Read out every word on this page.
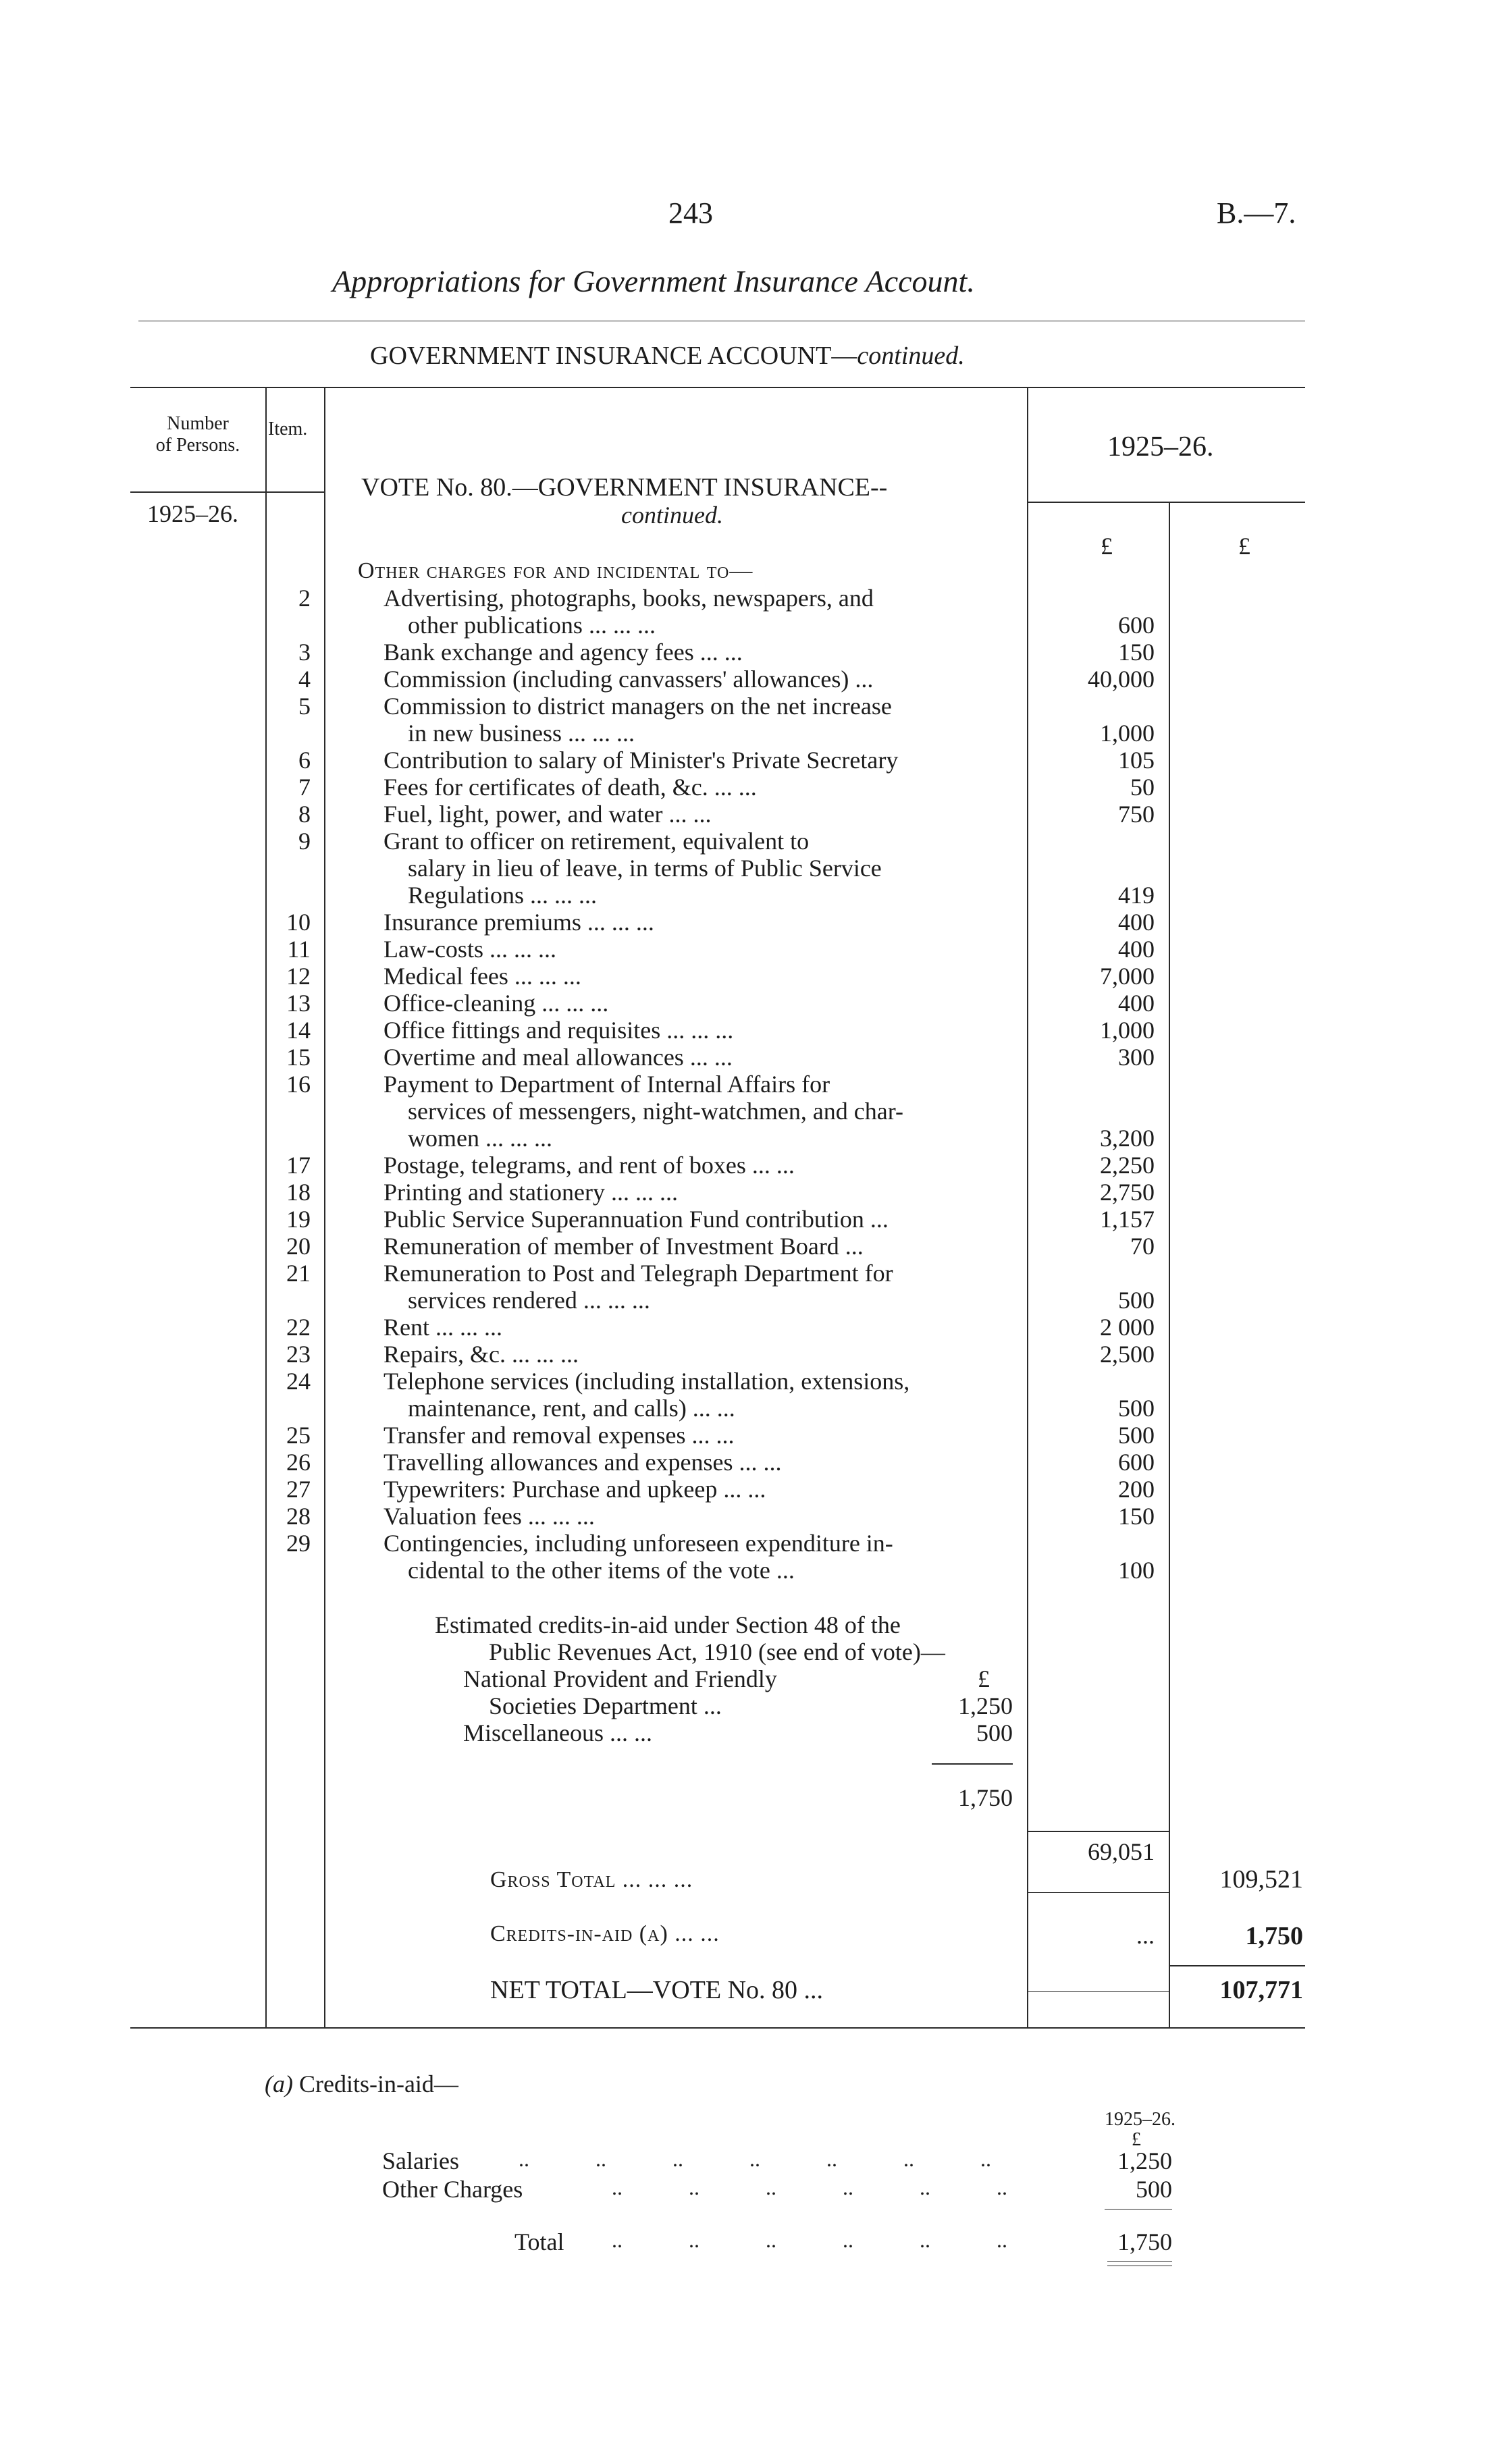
243	B.—7.
Appropriations for Government Insurance Account.
GOVERNMENT INSURANCE ACCOUNT—continued.
Number
of Persons.
Item.
1925–26.
1925–26.
VOTE No. 80.—GOVERNMENT INSURANCE--
continued.
£	£
Other charges for and incidental to—
2	Advertising, photographs, books, newspapers, and
other publications ... ... ...	600
3	Bank exchange and agency fees ... ...	150
4	Commission (including canvassers' allowances) ...	40,000
5	Commission to district managers on the net increase
in new business ... ... ...	1,000
6	Contribution to salary of Minister's Private Secretary	105
7	Fees for certificates of death, &c. ... ...	50
8	Fuel, light, power, and water ... ...	750
9	Grant to officer on retirement, equivalent to
salary in lieu of leave, in terms of Public Service
Regulations ... ... ...	419
10	Insurance premiums ... ... ...	400
11	Law-costs ... ... ...	400
12	Medical fees ... ... ...	7,000
13	Office-cleaning ... ... ...	400
14	Office fittings and requisites ... ... ...	1,000
15	Overtime and meal allowances ... ...	300
16	Payment to Department of Internal Affairs for
services of messengers, night-watchmen, and char-
women ... ... ...	3,200
17	Postage, telegrams, and rent of boxes ... ...	2,250
18	Printing and stationery ... ... ...	2,750
19	Public Service Superannuation Fund contribution ...	1,157
20	Remuneration of member of Investment Board ...	70
21	Remuneration to Post and Telegraph Department for
services rendered ... ... ...	500
22	Rent ... ... ...	2 000
23	Repairs, &c. ... ... ...	2,500
24	Telephone services (including installation, extensions,
maintenance, rent, and calls) ... ...	500
25	Transfer and removal expenses ... ...	500
26	Travelling allowances and expenses ... ...	600
27	Typewriters: Purchase and upkeep ... ...	200
28	Valuation fees ... ... ...	150
29	Contingencies, including unforeseen expenditure in-
cidental to the other items of the vote ...	100
Estimated credits-in-aid under Section 48 of the
Public Revenues Act, 1910 (see end of vote)—
National Provident and Friendly	£
Societies Department ...	1,250
Miscellaneous ... ...	500
1,750
69,051
Gross Total ... ... ...	109,521
Credits-in-aid (a) ... ...	...	1,750
NET TOTAL—VOTE No. 80 ...	107,771
(a) Credits-in-aid—
1925–26.
£
Salaries	.. .. .. .. .. .. ..	1,250
Other Charges	.. .. .. .. .. ..	500
Total .. .. .. .. .. ..	1,750
